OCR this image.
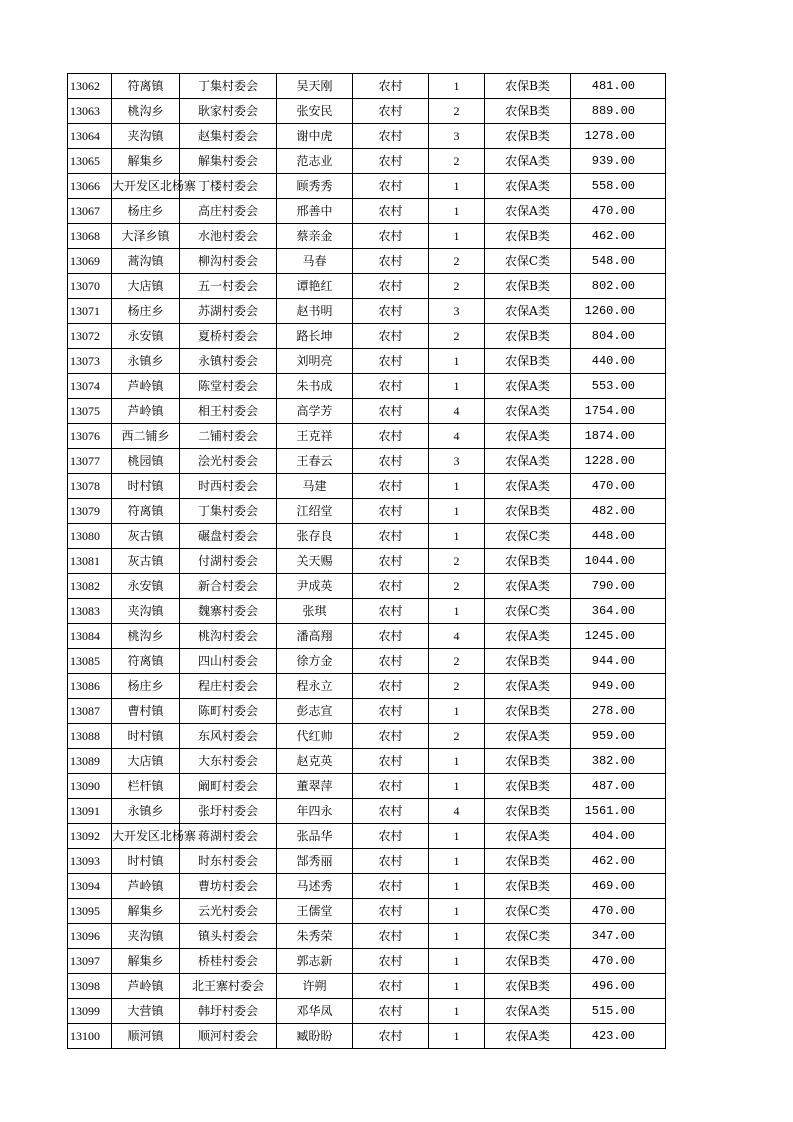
13062	符离镇	丁集村委会	吴天刚	农村	1	农保B类	481.00
13063	桃沟乡	耿家村委会	张安民	农村	2	农保B类	889.00
13064	夹沟镇	赵集村委会	谢中虎	农村	3	农保B类	1278.00
13065	解集乡	解集村委会	范志业	农村	2	农保A类	939.00
13066	大开发区北杨寨	丁楼村委会	顾秀秀	农村	1	农保A类	558.00
13067	杨庄乡	高庄村委会	邢善中	农村	1	农保A类	470.00
13068	大泽乡镇	水池村委会	蔡亲金	农村	1	农保B类	462.00
13069	蒿沟镇	柳沟村委会	马春	农村	2	农保C类	548.00
13070	大店镇	五一村委会	谭艳红	农村	2	农保B类	802.00
13071	杨庄乡	苏湖村委会	赵书明	农村	3	农保A类	1260.00
13072	永安镇	夏桥村委会	路长坤	农村	2	农保B类	804.00
13073	永镇乡	永镇村委会	刘明亮	农村	1	农保B类	440.00
13074	芦岭镇	陈堂村委会	朱书成	农村	1	农保A类	553.00
13075	芦岭镇	相王村委会	高学芳	农村	4	农保A类	1754.00
13076	西二铺乡	二铺村委会	王克祥	农村	4	农保A类	1874.00
13077	桃园镇	浍光村委会	王春云	农村	3	农保A类	1228.00
13078	时村镇	时西村委会	马建	农村	1	农保A类	470.00
13079	符离镇	丁集村委会	江绍堂	农村	1	农保B类	482.00
13080	灰古镇	碾盘村委会	张存良	农村	1	农保C类	448.00
13081	灰古镇	付湖村委会	关天赐	农村	2	农保B类	1044.00
13082	永安镇	新合村委会	尹成英	农村	2	农保A类	790.00
13083	夹沟镇	魏寨村委会	张琪	农村	1	农保C类	364.00
13084	桃沟乡	桃沟村委会	潘高翔	农村	4	农保A类	1245.00
13085	符离镇	四山村委会	徐方金	农村	2	农保B类	944.00
13086	杨庄乡	程庄村委会	程永立	农村	2	农保A类	949.00
13087	曹村镇	陈町村委会	彭志宣	农村	1	农保B类	278.00
13088	时村镇	东风村委会	代红帅	农村	2	农保A类	959.00
13089	大店镇	大东村委会	赵克英	农村	1	农保B类	382.00
13090	栏杆镇	阚町村委会	董翠萍	农村	1	农保B类	487.00
13091	永镇乡	张圩村委会	年四永	农村	4	农保B类	1561.00
13092	大开发区北杨寨	蒋湖村委会	张品华	农村	1	农保A类	404.00
13093	时村镇	时东村委会	郜秀丽	农村	1	农保B类	462.00
13094	芦岭镇	曹坊村委会	马述秀	农村	1	农保B类	469.00
13095	解集乡	云光村委会	王儒堂	农村	1	农保C类	470.00
13096	夹沟镇	镇头村委会	朱秀荣	农村	1	农保C类	347.00
13097	解集乡	桥桂村委会	郭志新	农村	1	农保B类	470.00
13098	芦岭镇	北王寨村委会	许朔	农村	1	农保B类	496.00
13099	大营镇	韩圩村委会	邓华凤	农村	1	农保A类	515.00
13100	顺河镇	顺河村委会	臧盼盼	农村	1	农保A类	423.00
